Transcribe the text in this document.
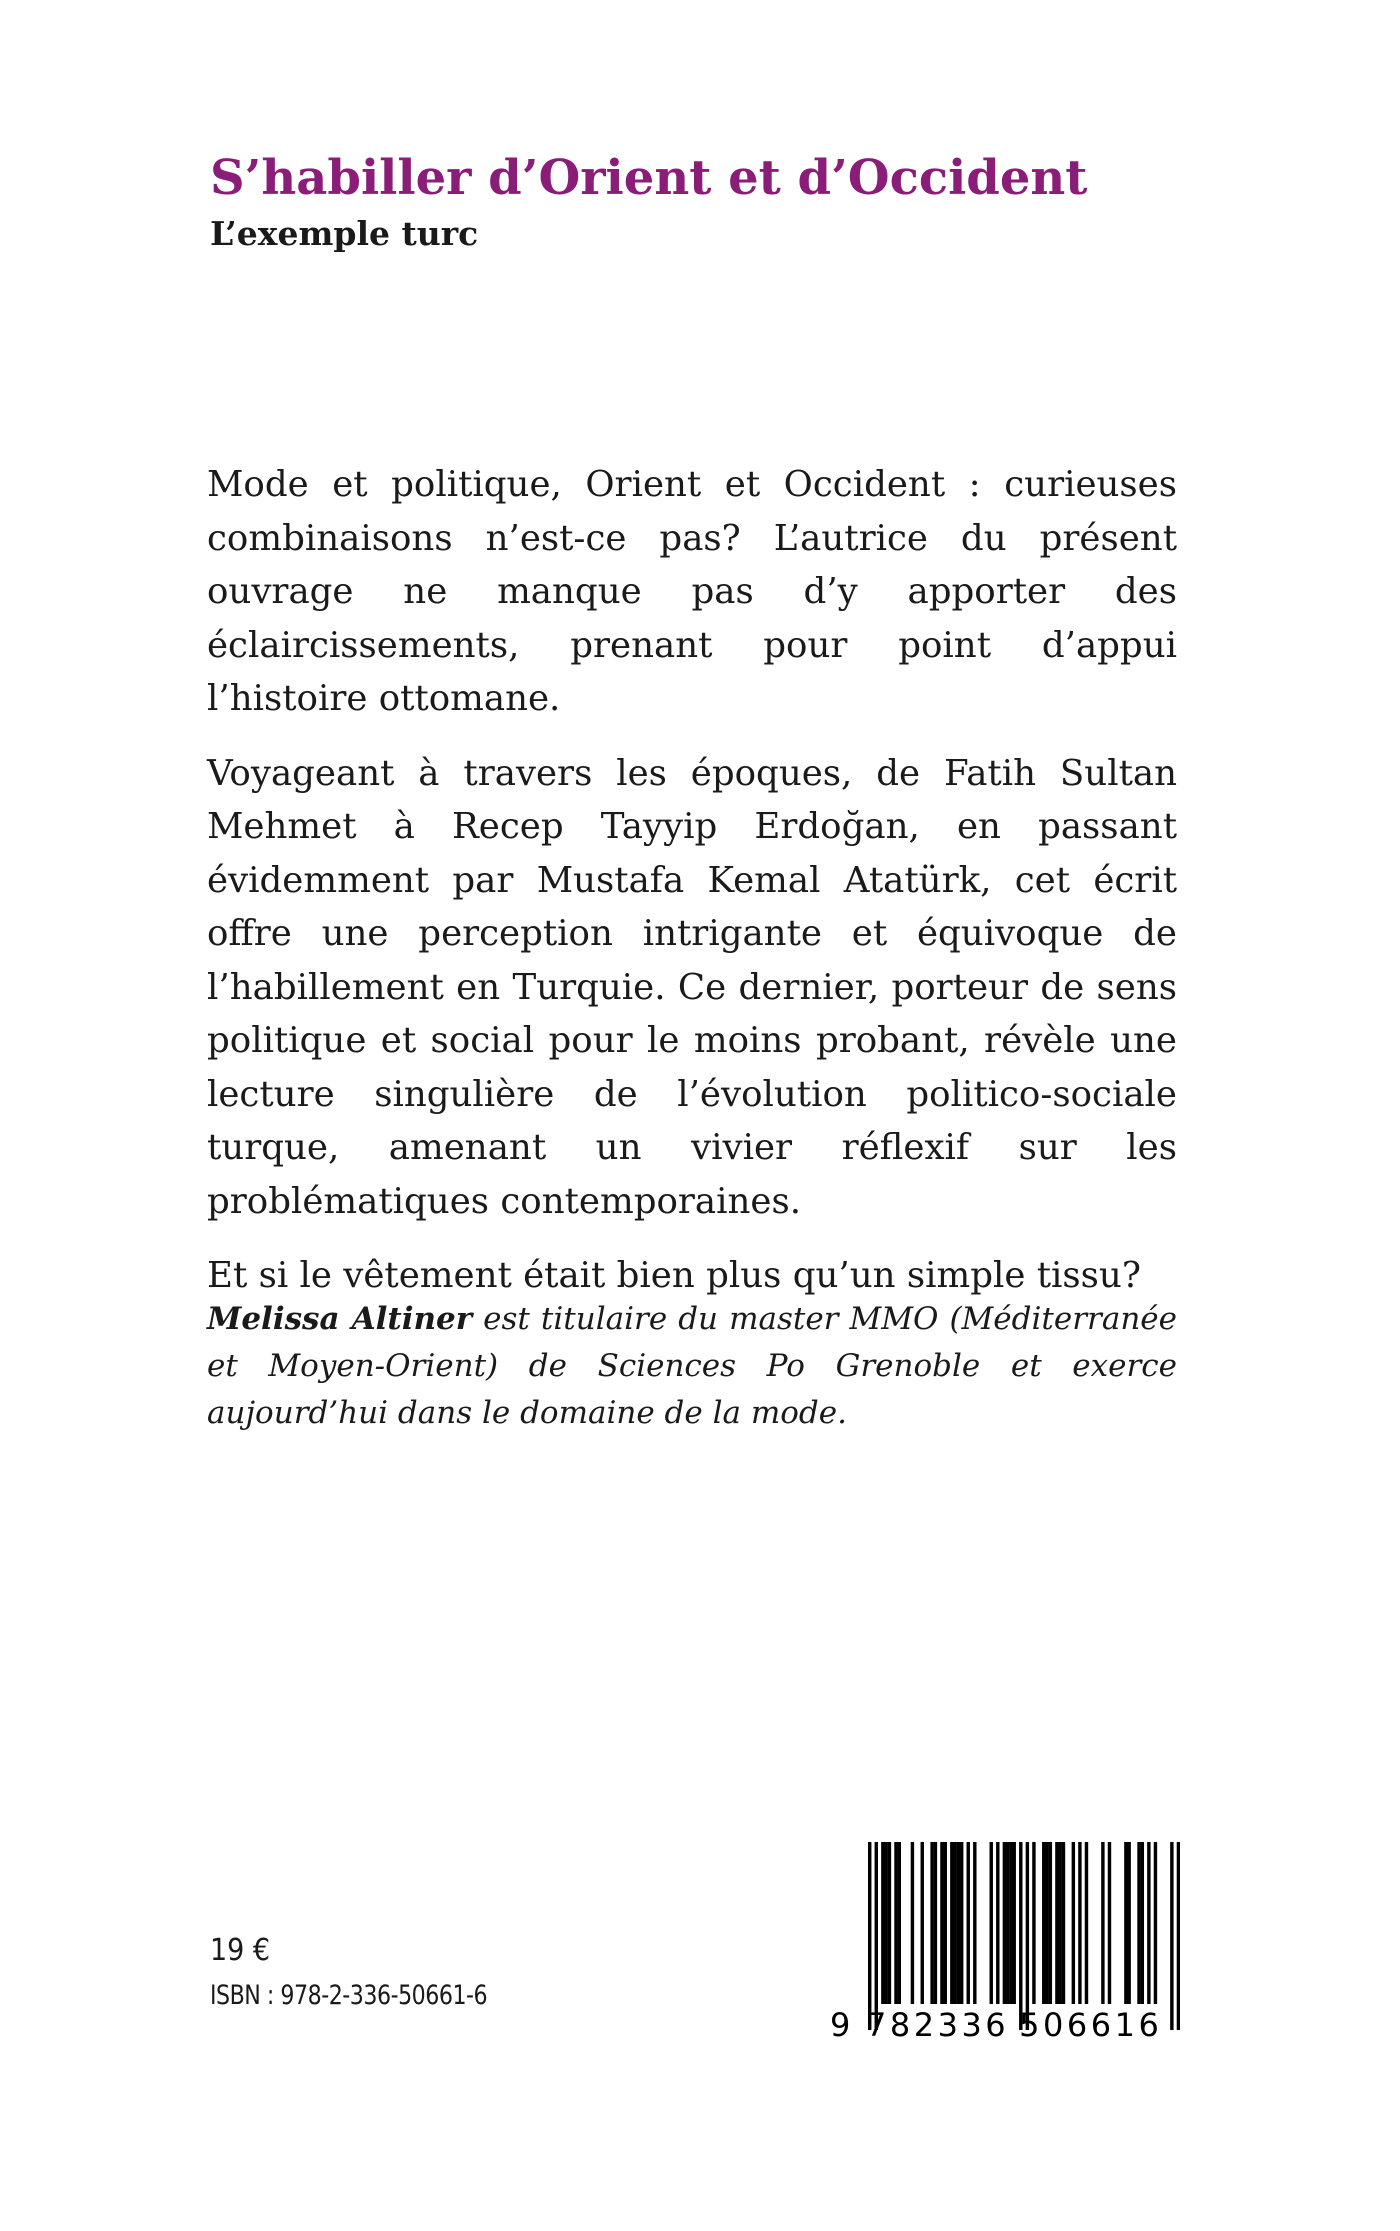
S’habiller d’Orient et d’Occident
L’exemple turc

Mode et politique, Orient et Occident : curieuses combinaisons n’est-ce pas? L’autrice du présent ouvrage ne manque pas d’y apporter des éclaircissements, prenant pour point d’appui l’histoire ottomane.

Voyageant à travers les époques, de Fatih Sultan Mehmet à Recep Tayyip Erdoğan, en passant évidemment par Mustafa Kemal Atatürk, cet écrit offre une perception intrigante et équivoque de l’habillement en Turquie. Ce dernier, porteur de sens politique et social pour le moins probant, révèle une lecture singulière de l’évolution politico-sociale turque, amenant un vivier réflexif sur les problématiques contemporaines.

Et si le vêtement était bien plus qu’un simple tissu?

Melissa Altiner est titulaire du master MMO (Méditerranée et Moyen-Orient) de Sciences Po Grenoble et exerce aujourd’hui dans le domaine de la mode.
19 €
ISBN : 978-2-336-50661-6
9 782336 506616
